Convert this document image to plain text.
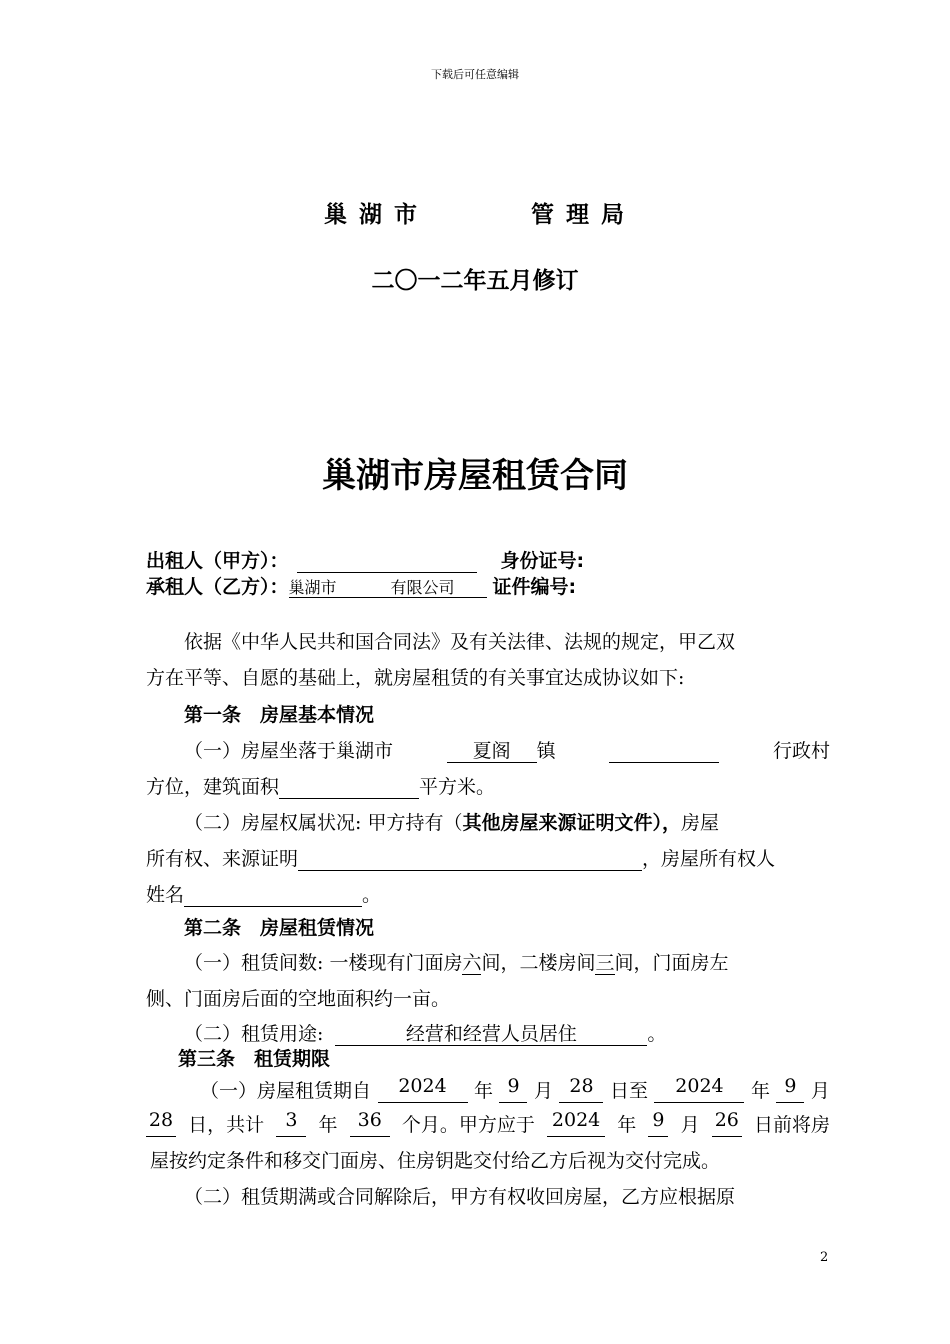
下载后可任意编辑
巢 湖 市	管 理 局
二〇一二年五月修订
巢湖市房屋租赁合同
出租人（甲方）：	身份证号:
承租人（乙方）：巢湖市	有限公司 证件编号:
依据《中华人民共和国合同法》及有关法律、法规的规定，甲乙双
方在平等、自愿的基础上，就房屋租赁的有关事宜达成协议如下:
第一条　房屋基本情况
（一）房屋坐落于巢湖市	夏阁 镇
	行政村
方位，建筑面积	平方米。
（二）房屋权属状况: 甲方持有（其他房屋来源证明文件），房屋
所有权、来源证明	，房屋所有权人
姓名	。
第二条　房屋租赁情况
（一）租赁间数: 一楼现有门面房六间，二楼房间三间，门面房左
侧、门面房后面的空地面积约一亩。
（二）租赁用途:	经营和经营人员居住	。
第三条　租赁期限
（一）房屋租赁期自	2024	年 9 月 28 日至	2024	年 9 月
28 日，共计	3	年	36	个月。甲方应于 2024 年 9 月 26 日前将房
屋按约定条件和移交门面房、住房钥匙交付给乙方后视为交付完成。
（二）租赁期满或合同解除后，甲方有权收回房屋，乙方应根据原
2
